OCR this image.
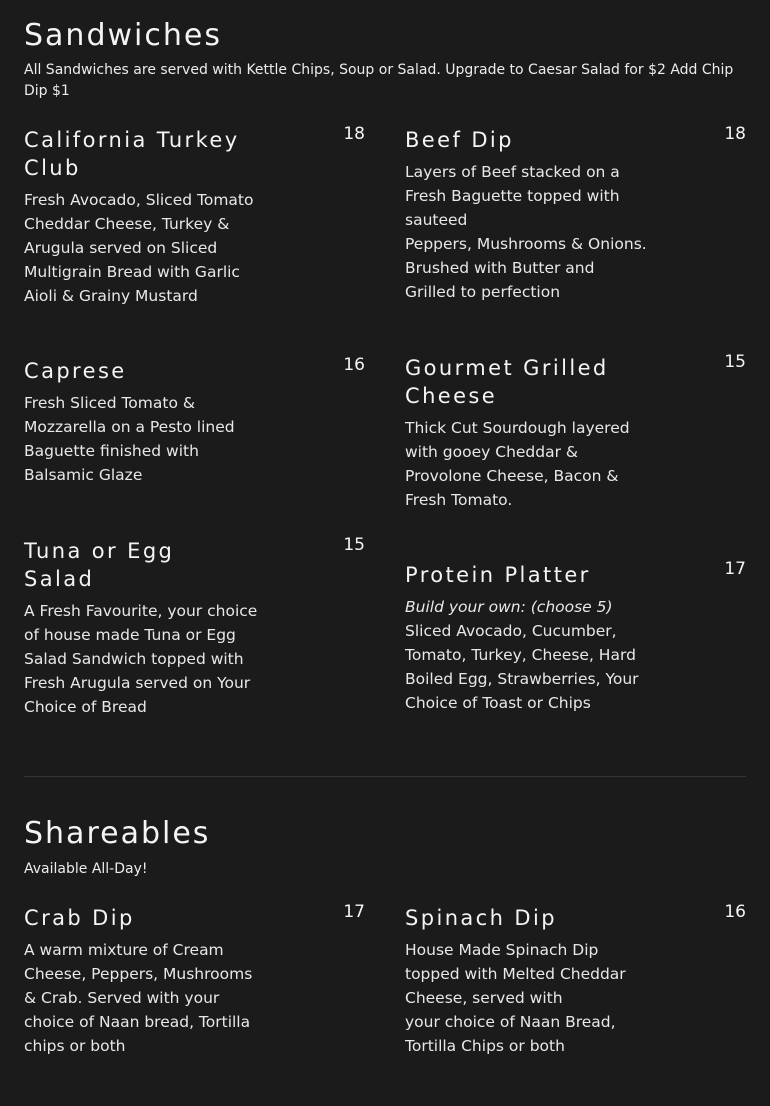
Sandwiches

All Sandwiches are served with Kettle Chips, Soup or Salad. Upgrade to Caesar Salad for $2 Add Chip Dip $1

California Turkey Club
18

Fresh Avocado, Sliced Tomato Cheddar Cheese, Turkey & Arugula served on Sliced Multigrain Bread with Garlic Aioli & Grainy Mustard

Beef Dip	18

Layers of Beef stacked on a Fresh Baguette topped with sauteed
Peppers, Mushrooms & Onions. Brushed with Butter and Grilled to perfection

Caprese	16

Fresh Sliced Tomato & Mozzarella on a Pesto lined Baguette finished with Balsamic Glaze

Gourmet Grilled Cheese
15

Thick Cut Sourdough layered with gooey Cheddar & Provolone Cheese, Bacon & Fresh Tomato.

Tuna or Egg Salad
15

A Fresh Favourite, your choice of house made Tuna or Egg Salad Sandwich topped with Fresh Arugula served on Your Choice of Bread

Protein Platter	17

Build your own: (choose 5)
Sliced Avocado, Cucumber, Tomato, Turkey, Cheese, Hard Boiled Egg, Strawberries, Your Choice of Toast or Chips

Shareables

Available All-Day!

Crab Dip	17

A warm mixture of Cream Cheese, Peppers, Mushrooms & Crab. Served with your choice of Naan bread, Tortilla chips or both

Spinach Dip	16

House Made Spinach Dip topped with Melted Cheddar Cheese, served with
your choice of Naan Bread, Tortilla Chips or both
